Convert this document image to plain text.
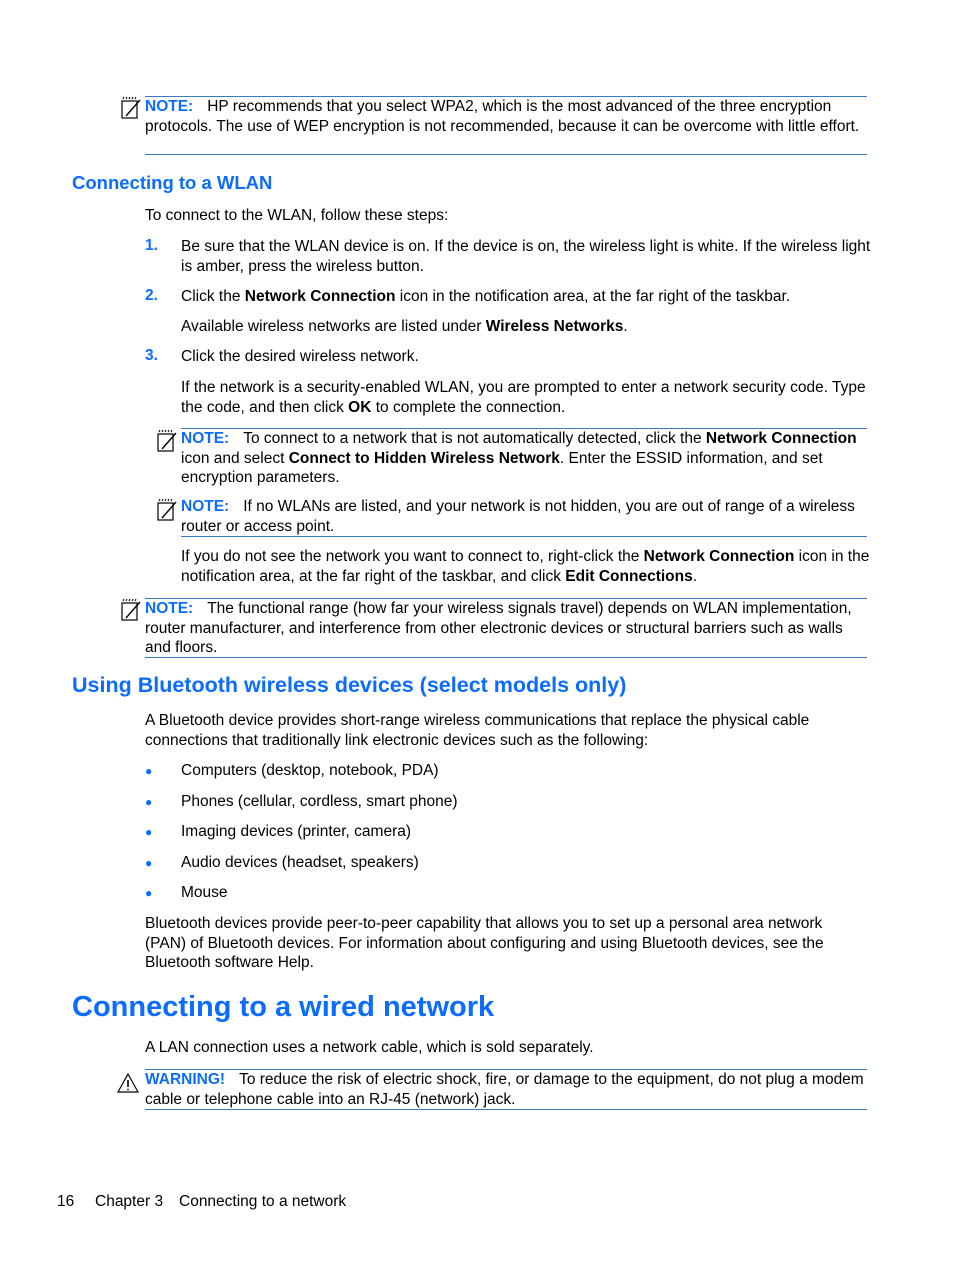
NOTE: HP recommends that you select WPA2, which is the most advanced of the three encryption protocols. The use of WEP encryption is not recommended, because it can be overcome with little effort.
Connecting to a WLAN
To connect to the WLAN, follow these steps:
1. Be sure that the WLAN device is on. If the device is on, the wireless light is white. If the wireless light is amber, press the wireless button.
2. Click the Network Connection icon in the notification area, at the far right of the taskbar.
Available wireless networks are listed under Wireless Networks.
3. Click the desired wireless network.
If the network is a security-enabled WLAN, you are prompted to enter a network security code. Type the code, and then click OK to complete the connection.
NOTE: To connect to a network that is not automatically detected, click the Network Connection icon and select Connect to Hidden Wireless Network. Enter the ESSID information, and set encryption parameters.
NOTE: If no WLANs are listed, and your network is not hidden, you are out of range of a wireless router or access point.
If you do not see the network you want to connect to, right-click the Network Connection icon in the notification area, at the far right of the taskbar, and click Edit Connections.
NOTE: The functional range (how far your wireless signals travel) depends on WLAN implementation, router manufacturer, and interference from other electronic devices or structural barriers such as walls and floors.
Using Bluetooth wireless devices (select models only)
A Bluetooth device provides short-range wireless communications that replace the physical cable connections that traditionally link electronic devices such as the following:
● Computers (desktop, notebook, PDA)
● Phones (cellular, cordless, smart phone)
● Imaging devices (printer, camera)
● Audio devices (headset, speakers)
● Mouse
Bluetooth devices provide peer-to-peer capability that allows you to set up a personal area network (PAN) of Bluetooth devices. For information about configuring and using Bluetooth devices, see the Bluetooth software Help.
Connecting to a wired network
A LAN connection uses a network cable, which is sold separately.
WARNING! To reduce the risk of electric shock, fire, or damage to the equipment, do not plug a modem cable or telephone cable into an RJ-45 (network) jack.
16 Chapter 3 Connecting to a network
